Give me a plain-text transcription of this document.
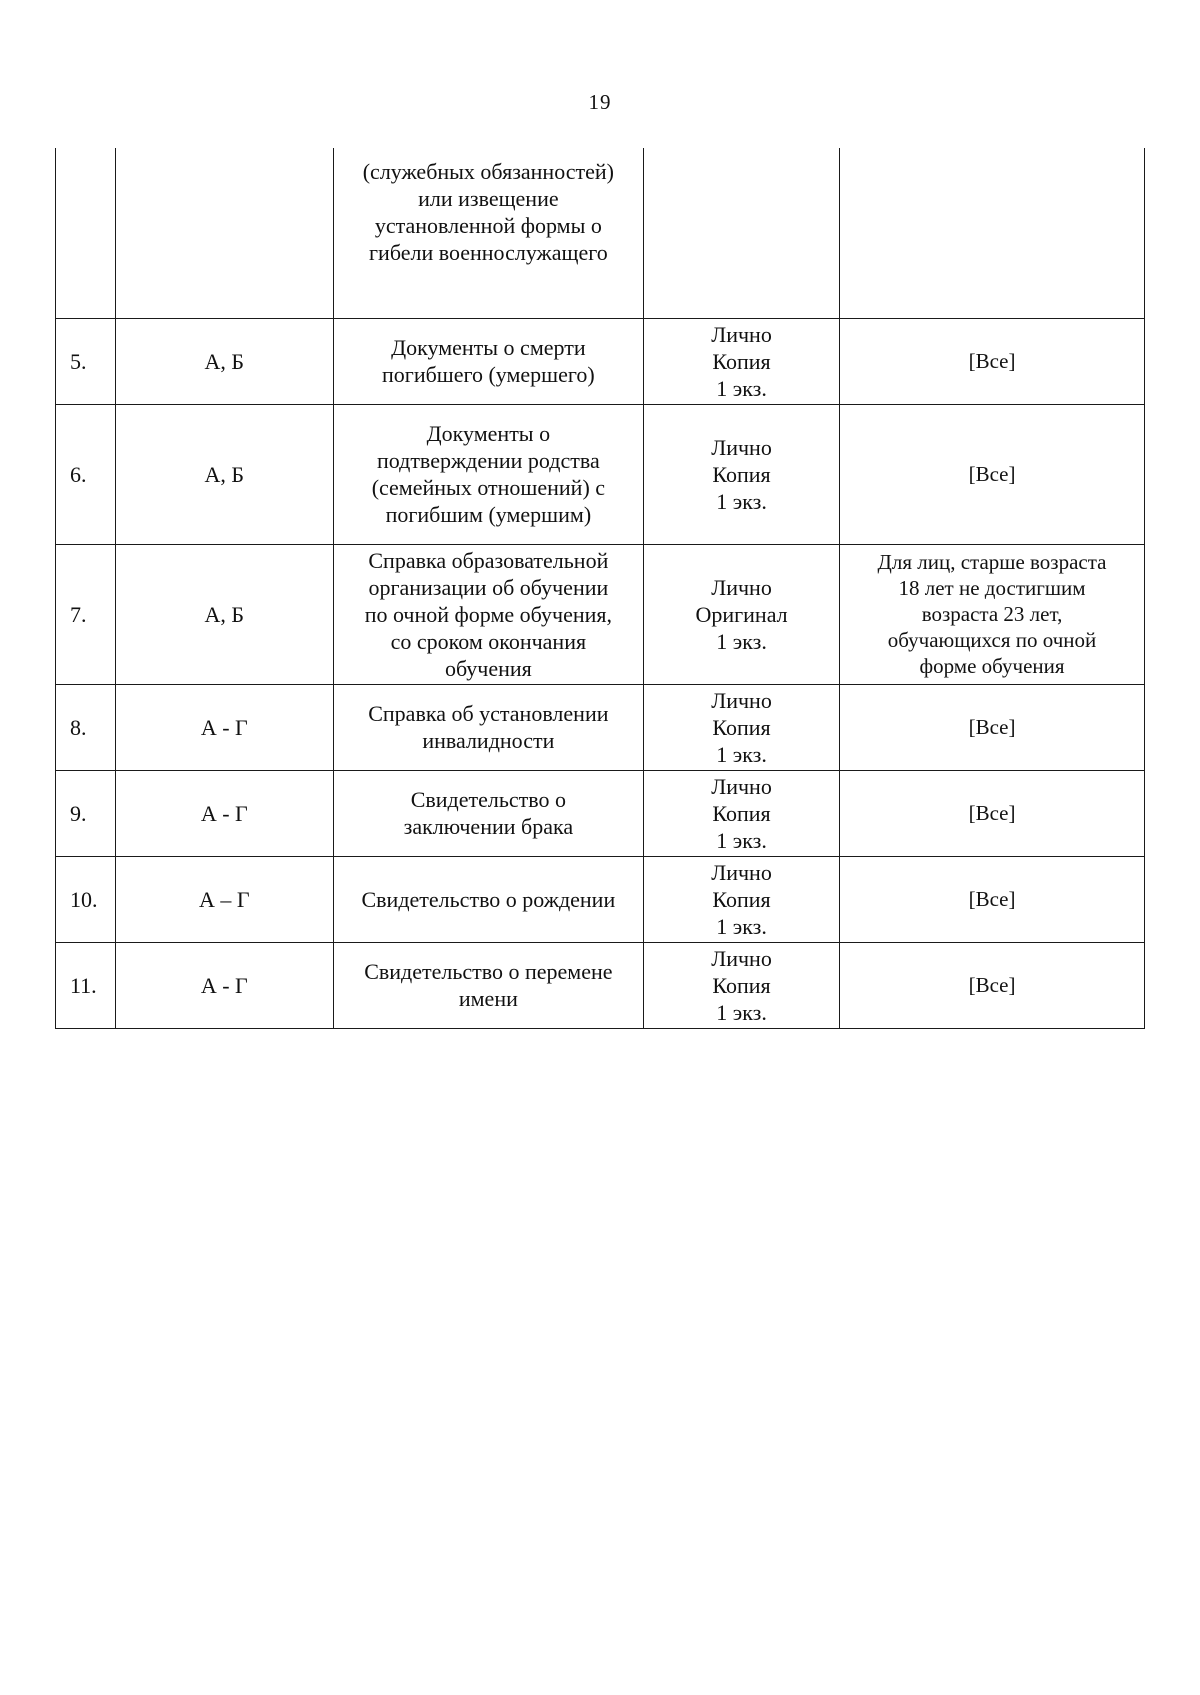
19
		(служебных обязанностей)
или извещение
установленной формы о
гибели военнослужащего		
5.	А, Б	Документы о смерти
погибшего (умершего)	Лично
Копия
1 экз.	[Все]
6.	А, Б	Документы о
подтверждении родства
(семейных отношений) с
погибшим (умершим)	Лично
Копия
1 экз.	[Все]
7.	А, Б	Справка образовательной
организации об обучении
по очной форме обучения,
со сроком окончания
обучения	Лично
Оригинал
1 экз.	Для лиц, старше возраста
18 лет не достигшим
возраста 23 лет,
обучающихся по очной
форме обучения
8.	А - Г	Справка об установлении
инвалидности	Лично
Копия
1 экз.	[Все]
9.	А - Г	Свидетельство о
заключении брака	Лично
Копия
1 экз.	[Все]
10.	А – Г	Свидетельство о рождении	Лично
Копия
1 экз.	[Все]
11.	А - Г	Свидетельство о перемене
имени	Лично
Копия
1 экз.	[Все]
